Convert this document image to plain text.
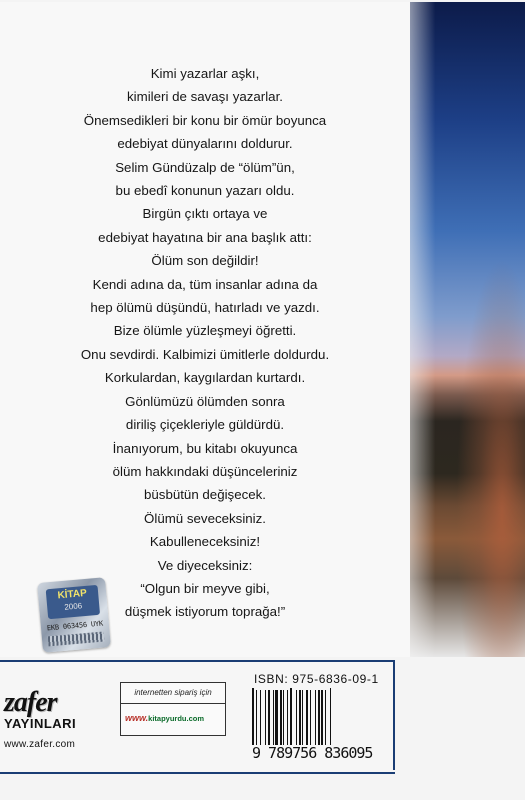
Kimi yazarlar aşkı,
kimileri de savaşı yazarlar.
Önemsedikleri bir konu bir ömür boyunca
edebiyat dünyalarını doldurur.
Selim Gündüzalp de “ölüm”ün,
bu ebedî konunun yazarı oldu.
Birgün çıktı ortaya ve
edebiyat hayatına bir ana başlık attı:
Ölüm son değildir!
Kendi adına da, tüm insanlar adına da
hep ölümü düşündü, hatırladı ve yazdı.
Bize ölümle yüzleşmeyi öğretti.
Onu sevdirdi. Kalbimizi ümitlerle doldurdu.
Korkulardan, kaygılardan kurtardı.
Gönlümüzü ölümden sonra
diriliş çiçekleriyle güldürdü.
İnanıyorum, bu kitabı okuyunca
ölüm hakkındaki düşünceleriniz
büsbütün değişecek.
Ölümü seveceksiniz.
Kabulleneceksiniz!
Ve diyeceksiniz:
“Olgun bir meyve gibi,
düşmek istiyorum toprağa!”
KİTAP
2006
EKB 063456 UYK
zafer
YAYINLARI
www.zafer.com
internetten sipariş için
www.kitapyurdu.com
ISBN: 975-6836-09-1
9 789756 836095
